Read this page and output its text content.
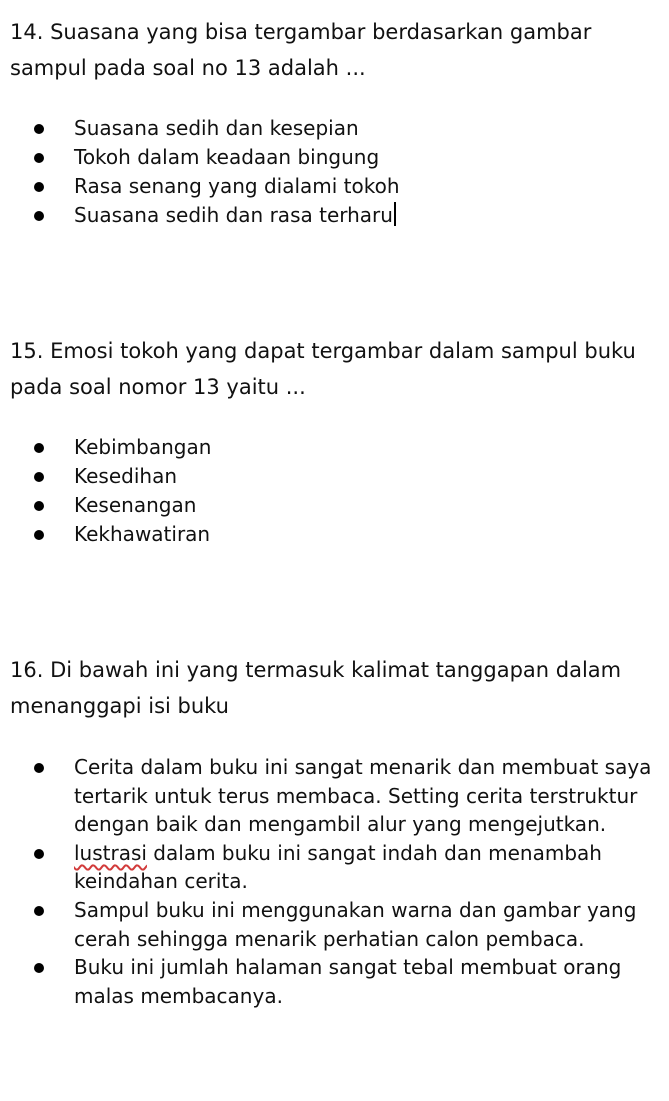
14. Suasana yang bisa tergambar berdasarkan gambar sampul pada soal no 13 adalah ...
Suasana sedih dan kesepian
Tokoh dalam keadaan bingung
Rasa senang yang dialami tokoh
Suasana sedih dan rasa terharu
15. Emosi tokoh yang dapat tergambar dalam sampul buku pada soal nomor 13 yaitu ...
Kebimbangan
Kesedihan
Kesenangan
Kekhawatiran
16. Di bawah ini yang termasuk kalimat tanggapan dalam menanggapi isi buku
Cerita dalam buku ini sangat menarik dan membuat saya tertarik untuk terus membaca. Setting cerita terstruktur dengan baik dan mengambil alur yang mengejutkan.
lustrasi dalam buku ini sangat indah dan menambah keindahan cerita.
Sampul buku ini menggunakan warna dan gambar yang cerah sehingga menarik perhatian calon pembaca.
Buku ini jumlah halaman sangat tebal membuat orang malas membacanya.
